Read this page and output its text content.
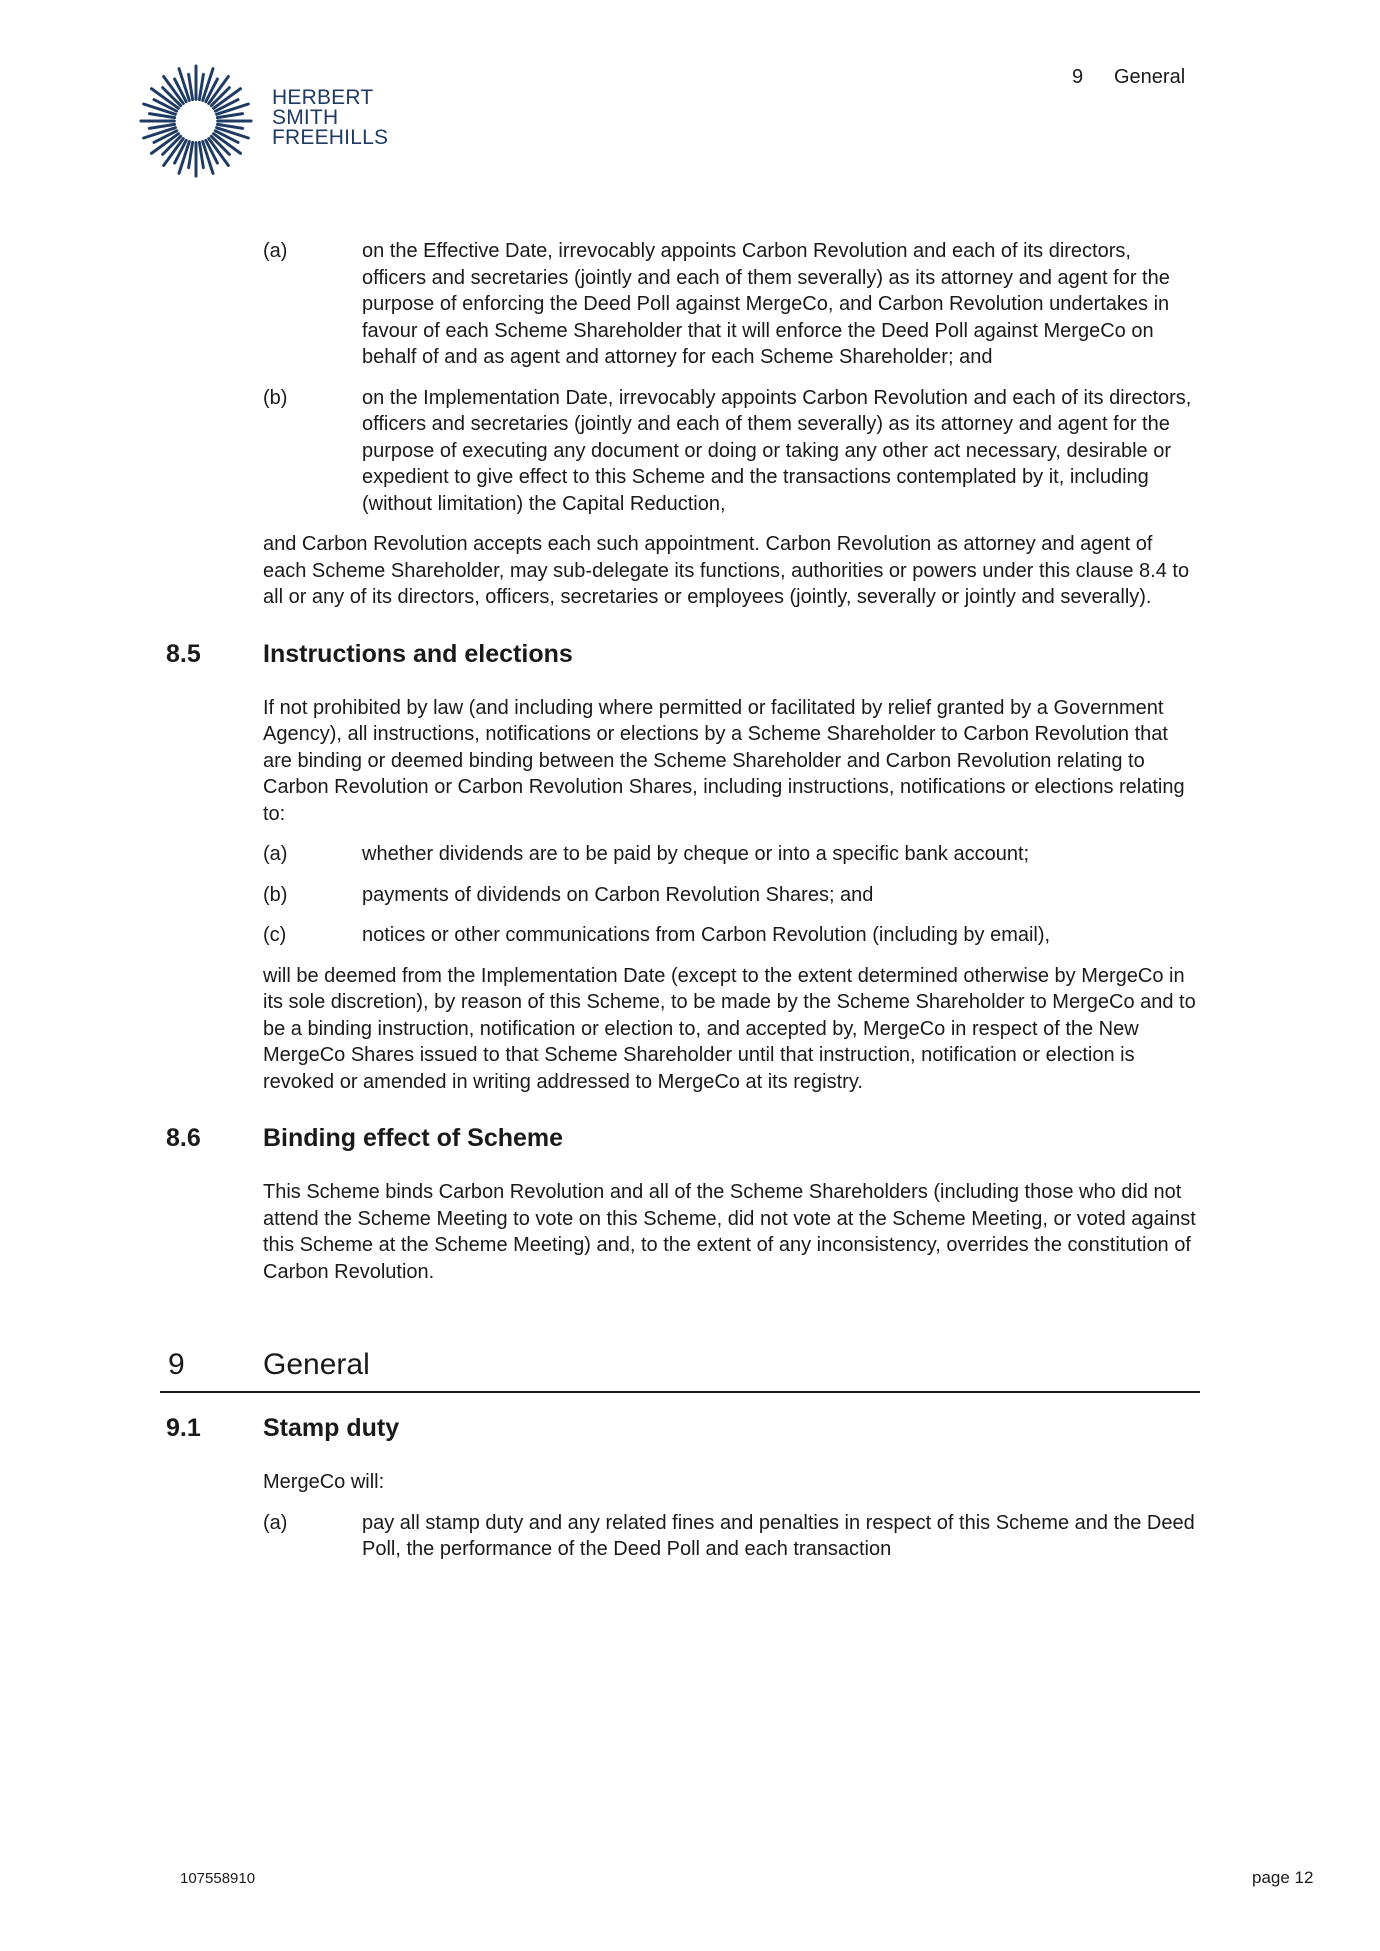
HERBERT
SMITH
FREEHILLS
9 General
(a)	on the Effective Date, irrevocably appoints Carbon Revolution and each of its directors, officers and secretaries (jointly and each of them severally) as its attorney and agent for the purpose of enforcing the Deed Poll against MergeCo, and Carbon Revolution undertakes in favour of each Scheme Shareholder that it will enforce the Deed Poll against MergeCo on behalf of and as agent and attorney for each Scheme Shareholder; and
(b)	on the Implementation Date, irrevocably appoints Carbon Revolution and each of its directors, officers and secretaries (jointly and each of them severally) as its attorney and agent for the purpose of executing any document or doing or taking any other act necessary, desirable or expedient to give effect to this Scheme and the transactions contemplated by it, including (without limitation) the Capital Reduction,
and Carbon Revolution accepts each such appointment. Carbon Revolution as attorney and agent of each Scheme Shareholder, may sub-delegate its functions, authorities or powers under this clause 8.4 to all or any of its directors, officers, secretaries or employees (jointly, severally or jointly and severally).
8.5 Instructions and elections
If not prohibited by law (and including where permitted or facilitated by relief granted by a Government Agency), all instructions, notifications or elections by a Scheme Shareholder to Carbon Revolution that are binding or deemed binding between the Scheme Shareholder and Carbon Revolution relating to Carbon Revolution or Carbon Revolution Shares, including instructions, notifications or elections relating to:
(a)	whether dividends are to be paid by cheque or into a specific bank account;
(b)	payments of dividends on Carbon Revolution Shares; and
(c)	notices or other communications from Carbon Revolution (including by email),
will be deemed from the Implementation Date (except to the extent determined otherwise by MergeCo in its sole discretion), by reason of this Scheme, to be made by the Scheme Shareholder to MergeCo and to be a binding instruction, notification or election to, and accepted by, MergeCo in respect of the New MergeCo Shares issued to that Scheme Shareholder until that instruction, notification or election is revoked or amended in writing addressed to MergeCo at its registry.
8.6 Binding effect of Scheme
This Scheme binds Carbon Revolution and all of the Scheme Shareholders (including those who did not attend the Scheme Meeting to vote on this Scheme, did not vote at the Scheme Meeting, or voted against this Scheme at the Scheme Meeting) and, to the extent of any inconsistency, overrides the constitution of Carbon Revolution.
9	General
9.1 Stamp duty
MergeCo will:
(a)	pay all stamp duty and any related fines and penalties in respect of this Scheme and the Deed Poll, the performance of the Deed Poll and each transaction
107558910	page 12
